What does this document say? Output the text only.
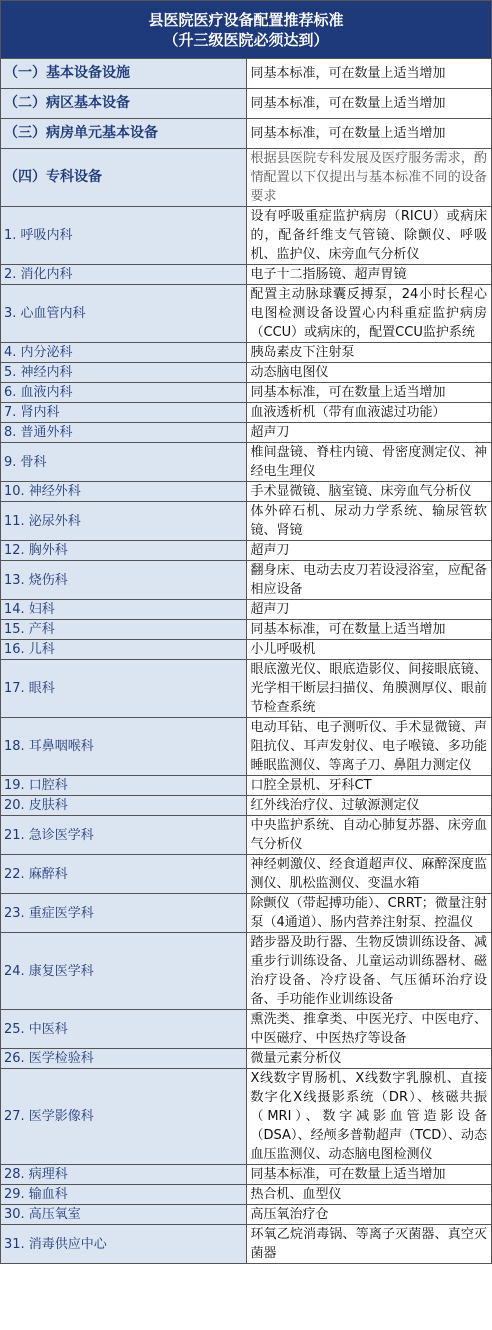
县医院医疗设备配置推荐标准
（升三级医院必须达到）	

（一）基本设备设施	同基本标准，可在数量上适当增加
（二）病区基本设备	同基本标准，可在数量上适当增加
（三）病房单元基本设备	同基本标准，可在数量上适当增加
（四）专科设备	根据县医院专科发展及医疗服务需求，酌情配置以下仅提出与基本标准不同的设备要求
1. 呼吸内科	设有呼吸重症监护病房（RICU）或病床的，配备纤维支气管镜、除颤仪、呼吸机、监护仪、床旁血气分析仪
2. 消化内科	电子十二指肠镜、超声胃镜
3. 心血管内科	配置主动脉球囊反搏泵，24小时长程心电图检测设备设置心内科重症监护病房（CCU）或病床的，配置CCU监护系统
4. 内分泌科	胰岛素皮下注射泵
5. 神经内科	动态脑电图仪
6. 血液内科	同基本标准，可在数量上适当增加
7. 肾内科	血液透析机（带有血液滤过功能）
8. 普通外科	超声刀
9. 骨科	椎间盘镜、脊柱内镜、骨密度测定仪、神经电生理仪
10. 神经外科	手术显微镜、脑室镜、床旁血气分析仪
11. 泌尿外科	体外碎石机、尿动力学系统、输尿管软镜、肾镜
12. 胸外科	超声刀
13. 烧伤科	翻身床、电动去皮刀若设浸浴室，应配备相应设备
14. 妇科	超声刀
15. 产科	同基本标准，可在数量上适当增加
16. 儿科	小儿呼吸机
17. 眼科	眼底激光仪、眼底造影仪、间接眼底镜、光学相干断层扫描仪、角膜测厚仪、眼前节检查系统
18. 耳鼻咽喉科	电动耳钻、电子测听仪、手术显微镜、声阻抗仪、耳声发射仪、电子喉镜、多功能睡眠监测仪、等离子刀、鼻阻力测定仪
19. 口腔科	口腔全景机、牙科CT
20. 皮肤科	红外线治疗仪、过敏源测定仪
21. 急诊医学科	中央监护系统、自动心肺复苏器、床旁血气分析仪
22. 麻醉科	神经刺激仪、经食道超声仪、麻醉深度监测仪、肌松监测仪、变温水箱
23. 重症医学科	除颤仪（带起搏功能）、CRRT；微量注射泵（4通道）、肠内营养注射泵、控温仪
24. 康复医学科	踏步器及助行器、生物反馈训练设备、减重步行训练设备、儿童运动训练器材、磁治疗设备、冷疗设备、气压循环治疗设备、手功能作业训练设备
25. 中医科	熏洗类、推拿类、中医光疗、中医电疗、中医磁疗、中医热疗等设备
26. 医学检验科	微量元素分析仪
27. 医学影像科	X线数字胃肠机、X线数字乳腺机、直接数字化X线摄影系统（DR）、核磁共振（MRI）、数字减影血管造影设备（DSA）、经颅多普勒超声（TCD）、动态血压监测仪、动态脑电图检测仪
28. 病理科	同基本标准，可在数量上适当增加
29. 输血科	热合机、血型仪
30. 高压氧室	高压氧治疗仓
31. 消毒供应中心	环氧乙烷消毒锅、等离子灭菌器、真空灭菌器
